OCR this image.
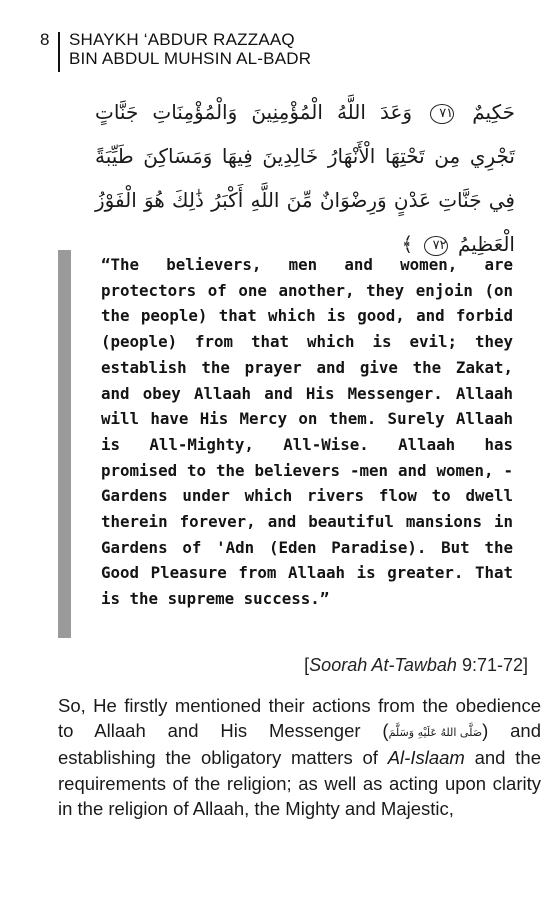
8	SHAYKH ‘ABDUR RAZZAAQ
BIN ABDUL MUHSIN AL-BADR
حَكِيمٌ ٧١ وَعَدَ اللَّهُ الْمُؤْمِنِينَ وَالْمُؤْمِنَاتِ جَنَّاتٍ تَجْرِي مِن تَحْتِهَا الْأَنْهَارُ خَالِدِينَ فِيهَا وَمَسَاكِنَ طَيِّبَةً فِي جَنَّاتِ عَدْنٍ وَرِضْوَانٌ مِّنَ اللَّهِ أَكْبَرُ ذَٰلِكَ هُوَ الْفَوْزُ الْعَظِيمُ ٧٢ ﴾
“The believers, men and women, are protectors of one another, they enjoin (on the people) that which is good, and forbid (people) from that which is evil; they establish the prayer and give the Zakat, and obey Allaah and His Messenger. Allaah will have His Mercy on them. Surely Allaah is All-Mighty, All-Wise. Allaah has promised to the believers -men and women, - Gardens under which rivers flow to dwell therein forever, and beautiful mansions in Gardens of 'Adn (Eden Paradise). But the Good Pleasure from Allaah is greater. That is the supreme success.”
[Soorah At-Tawbah 9:71-72]
So, He firstly mentioned their actions from the obedience to Allaah and His Messenger (صَلَّى اللهُ عَلَيْهِ وَسَلَّمَ) and establishing the obligatory matters of Al-Islaam and the requirements of the religion; as well as acting upon clarity in the religion of Allaah, the Mighty and Majestic,
